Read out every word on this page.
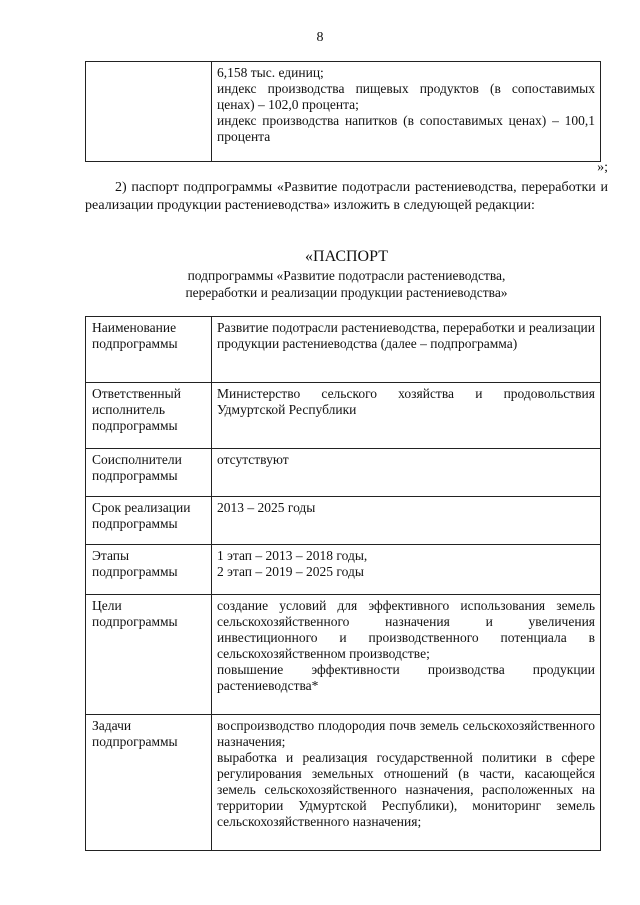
8

6,158 тыс. единиц;
индекс производства пищевых продуктов (в сопоставимых ценах) – 102,0 процента;
индекс производства напитков (в сопоставимых ценах) – 100,1 процента
»;
2) паспорт подпрограммы «Развитие подотрасли растениеводства, переработки и реализации продукции растениеводства» изложить в следующей редакции:
«ПАСПОРТ
подпрограммы «Развитие подотрасли растениеводства,
переработки и реализации продукции растениеводства»
Наименование подпрограммы	Развитие подотрасли растениеводства, переработки и реализации продукции растениеводства (далее – подпрограмма)

Ответственный исполнитель подпрограммы	Министерство сельского хозяйства и продовольствия Удмуртской Республики

Соисполнители подпрограммы	отсутствуют

Срок реализации подпрограммы	2013 – 2025 годы

Этапы подпрограммы	1 этап – 2013 – 2018 годы,
2 этап – 2019 – 2025 годы

Цели подпрограммы	создание условий для эффективного использования земель сельскохозяйственного назначения и увеличения инвестиционного и производственного потенциала в сельскохозяйственном производстве;
повышение эффективности производства продукции растениеводства*

Задачи подпрограммы	воспроизводство плодородия почв земель сельскохозяйственного назначения;
выработка и реализация государственной политики в сфере регулирования земельных отношений (в части, касающейся земель сельскохозяйственного назначения, расположенных на территории Удмуртской Республики), мониторинг земель сельскохозяйственного назначения;
